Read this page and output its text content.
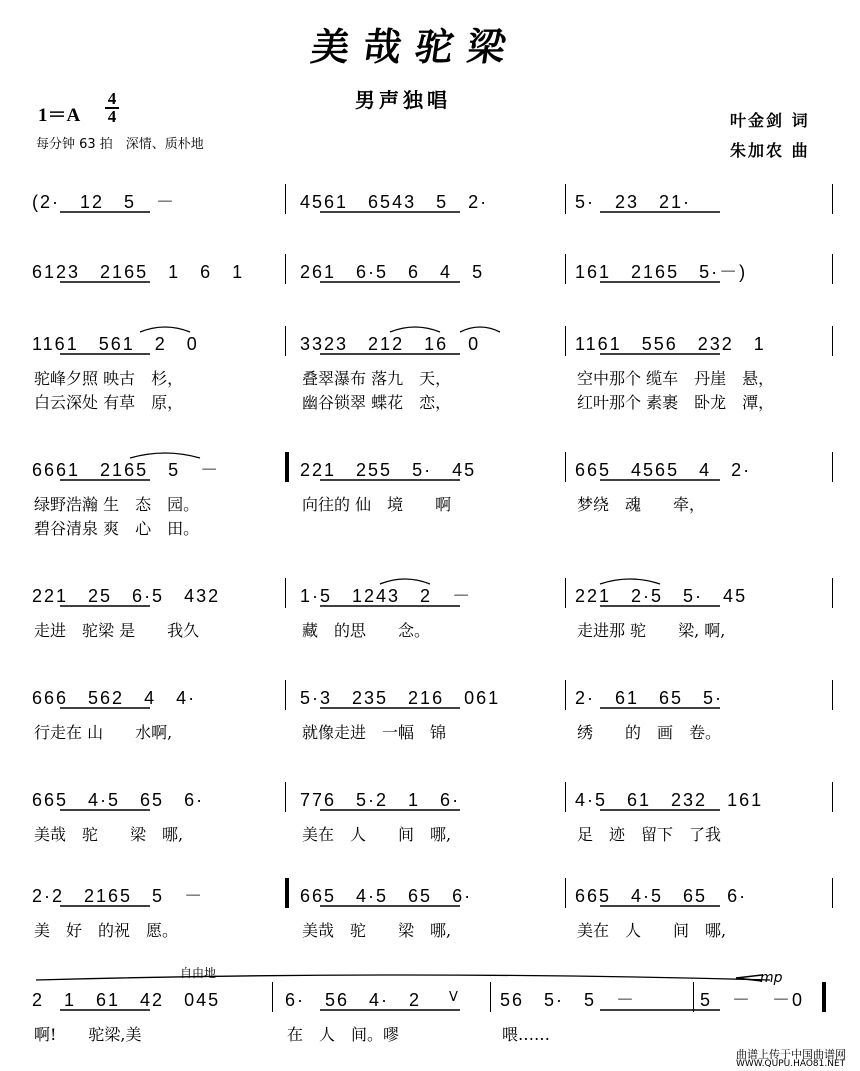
美哉驼梁
男声独唱
1＝A
4
4
每分钟 63 拍　深情、质朴地
叶金剑 词
朱加农 曲
(2·　12　5　－	4561　6543　5　2·	5·　23　21·
6123　2165　1　6　1	261　6·5　6　4　5	161　2165　5·－)
1161　561　2　0	3323　212　16　0	1161　556　232　1
驼峰夕照 映古　杉，	叠翠瀑布 落九　天，	空中那个 缆车　丹崖　悬，
白云深处 有草　原，	幽谷锁翠 蝶花　恋，	红叶那个 素裹　卧龙　潭，
6661　2165　5　－	221　255　5·　45	665　4565　4　2·
绿野浩瀚 生　态　园。	向往的 仙　境　　啊	梦绕　魂　　牵，
碧谷清泉 爽　心　田。
221　25　6·5　432	1·5　1243　2　－	221　2·5　5·　45
走进　驼梁 是　　我久	藏　的思　　念。	走进那 驼　　梁, 啊,
666　562　4　4·	5·3　235　216　061	2·　61　65　5·
行走在 山　　水啊,	就像走进　一幅　锦	绣　　的　画　卷。
665　4·5　65　6·	776　5·2　1　6·	4·5　61　232　161
美哉　驼　　梁　哪,	美在　人　　间　哪,	足　迹　留下　了我
2·2　2165　5　－	665　4·5　65　6·	665　4·5　65　6·
美　好　的祝　愿。	美哉　驼　　梁　哪,	美在　人　　间　哪,
2　1　61　42　045	6·　56　4·　2	56　5·　5　－	5　－　－0
啊!　　驼梁,美	在　人　间。嘐	喂……
自由地	mp
V
曲谱上传于中国曲谱网
WWW.QUPU.HAO81.NET
